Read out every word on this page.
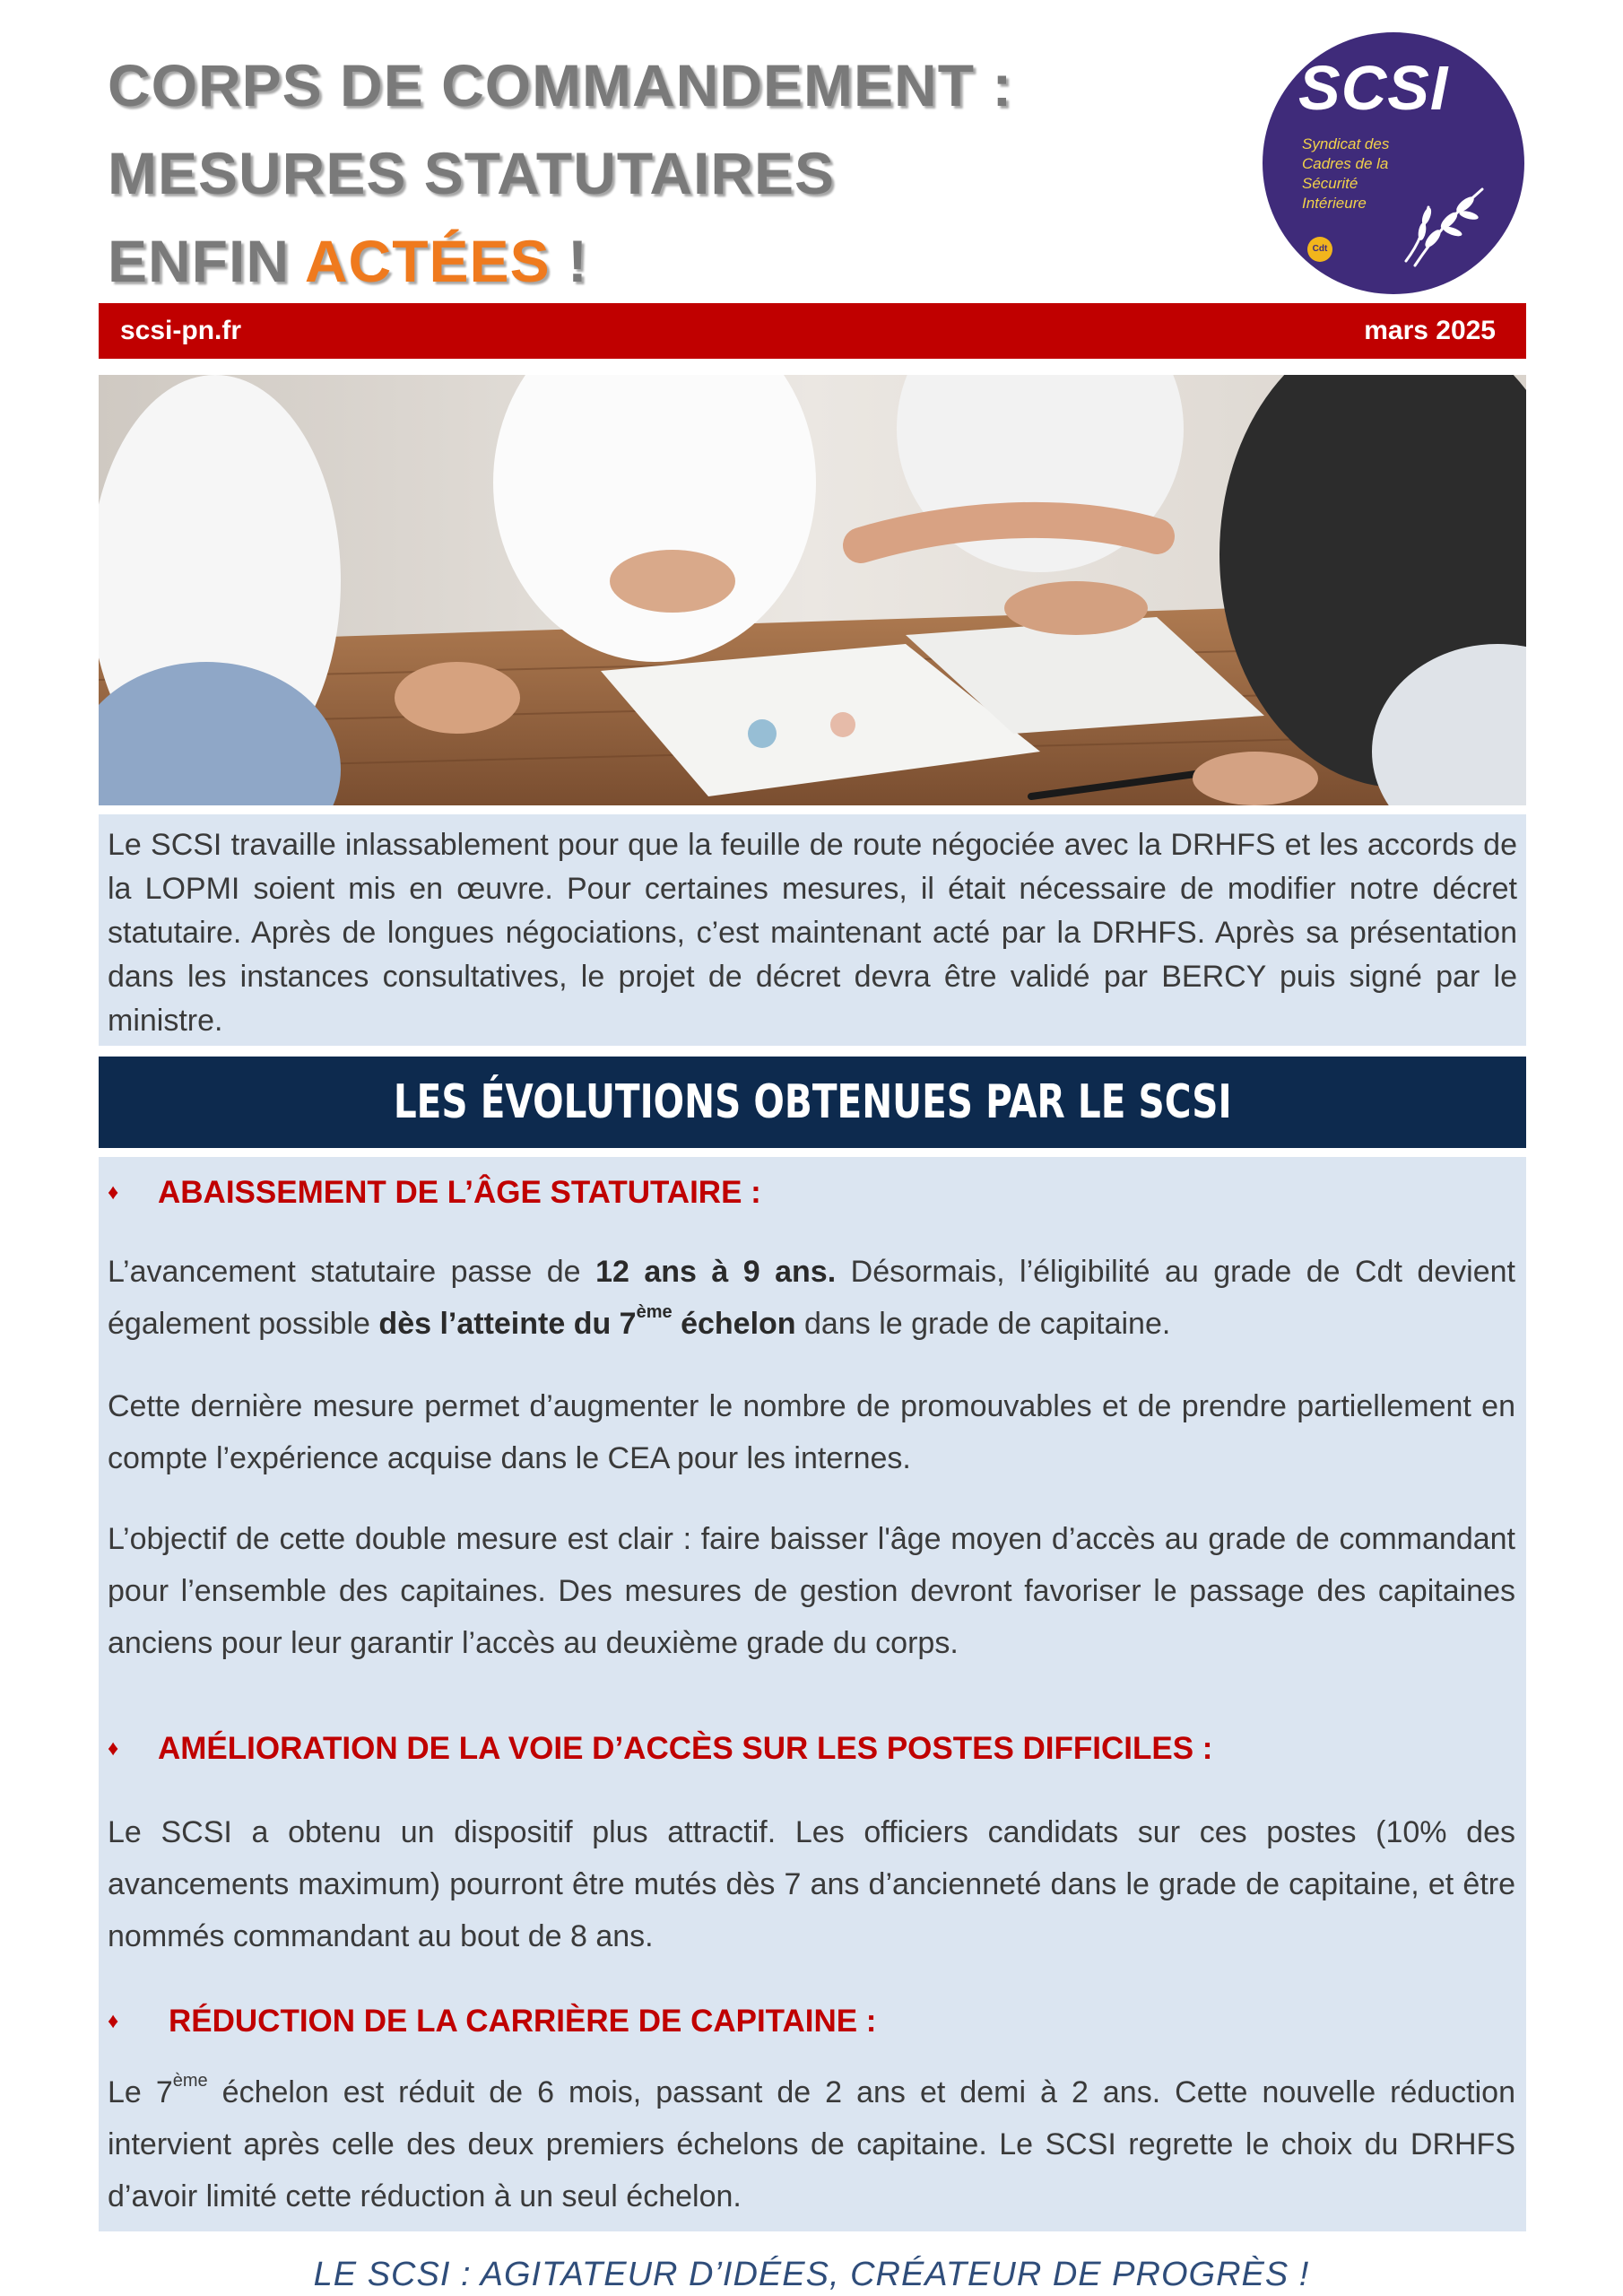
CORPS DE COMMANDEMENT :
MESURES STATUTAIRES
ENFIN ACTÉES !
SCSI
Syndicat des
Cadres de la
Sécurité
Intérieure
Cdt
scsi-pn.fr	mars 2025
Le SCSI travaille inlassablement pour que la feuille de route négociée avec la DRHFS et les accords de la LOPMI soient mis en œuvre. Pour certaines mesures, il était nécessaire de modifier notre décret statutaire. Après de longues négociations, c’est maintenant acté par la DRHFS. Après sa présentation dans les instances consultatives, le projet de décret devra être validé par BERCY puis signé par le ministre.
LES ÉVOLUTIONS OBTENUES PAR LE SCSI
♦ ABAISSEMENT DE L’ÂGE STATUTAIRE :
L’avancement statutaire passe de 12 ans à 9 ans. Désormais, l’éligibilité au grade de Cdt devient également possible dès l’atteinte du 7ème échelon dans le grade de capitaine.
Cette dernière mesure permet d’augmenter le nombre de promouvables et de prendre partiellement en compte l’expérience acquise dans le CEA pour les internes.
L’objectif de cette double mesure est clair : faire baisser l'âge moyen d’accès au grade de commandant pour l’ensemble des capitaines. Des mesures de gestion devront favoriser le passage des capitaines anciens pour leur garantir l’accès au deuxième grade du corps.
♦ AMÉLIORATION DE LA VOIE D’ACCÈS SUR LES POSTES DIFFICILES :
Le SCSI a obtenu un dispositif plus attractif. Les officiers candidats sur ces postes (10% des avancements maximum) pourront être mutés dès 7 ans d’ancienneté dans le grade de capitaine, et être nommés commandant au bout de 8 ans.
♦ RÉDUCTION DE LA CARRIÈRE DE CAPITAINE :
Le 7ème échelon est réduit de 6 mois, passant de 2 ans et demi à 2 ans. Cette nouvelle réduction intervient après celle des deux premiers échelons de capitaine. Le SCSI regrette le choix du DRHFS d’avoir limité cette réduction à un seul échelon.
LE SCSI : AGITATEUR D’IDÉES, CRÉATEUR DE PROGRÈS !
